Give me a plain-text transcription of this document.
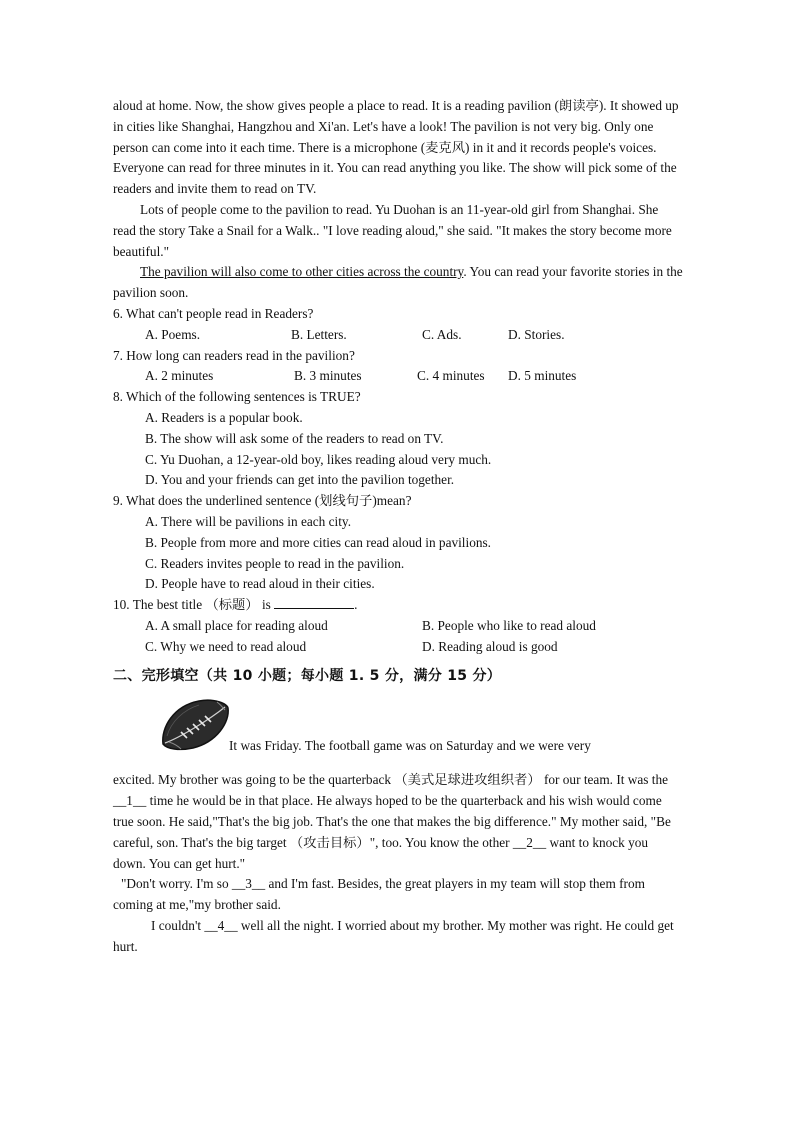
aloud at home. Now, the show gives people a place to read. It is a reading pavilion (朗读亭). It showed up in cities like Shanghai, Hangzhou and Xi'an. Let's have a look! The pavilion is not very big. Only one person can come into it each time. There is a microphone (麦克风) in it and it records people's voices. Everyone can read for three minutes in it. You can read anything you like. The show will pick some of the readers and invite them to read on TV.

Lots of people come to the pavilion to read. Yu Duohan is an 11-year-old girl from Shanghai. She read the story Take a Snail for a Walk.. "I love reading aloud," she said. "It makes the story become more beautiful."

The pavilion will also come to other cities across the country. You can read your favorite stories in the pavilion soon.

6. What can't people read in Readers?

A. Poems.	B. Letters.	C. Ads.	D. Stories.

7. How long can readers read in the pavilion?

A. 2 minutes	B. 3 minutes	C. 4 minutes	D. 5 minutes

8. Which of the following sentences is TRUE?

A. Readers is a popular book.
B. The show will ask some of the readers to read on TV.
C. Yu Duohan, a 12-year-old boy, likes reading aloud very much.
D. You and your friends can get into the pavilion together.

9. What does the underlined sentence (划线句子)mean?

A. There will be pavilions in each city.
B. People from more and more cities can read aloud in pavilions.
C. Readers invites people to read in the pavilion.
D. People have to read aloud in their cities.

10. The best title （标题） is	.

A. A small place for reading aloud	B. People who like to read aloud
C. Why we need to read aloud	D. Reading aloud is good
二、完形填空（共 10 小题；每小题 1. 5 分，满分 15 分）
It was Friday. The football game was on Saturday and we were very

excited. My brother was going to be the quarterback （美式足球进攻组织者） for our team. It was the __1__ time he would be in that place. He always hoped to be the quarterback and his wish would come true soon. He said,"That's the big job. That's the one that makes the big difference." My mother said, "Be careful, son. That's the big target （攻击目标）", too. You know the other __2__ want to knock you down. You can get hurt."

"Don't worry. I'm so __3__ and I'm fast. Besides, the great players in my team will stop them from coming at me,"my brother said.

I couldn't __4__ well all the night. I worried about my brother. My mother was right. He could get hurt.
